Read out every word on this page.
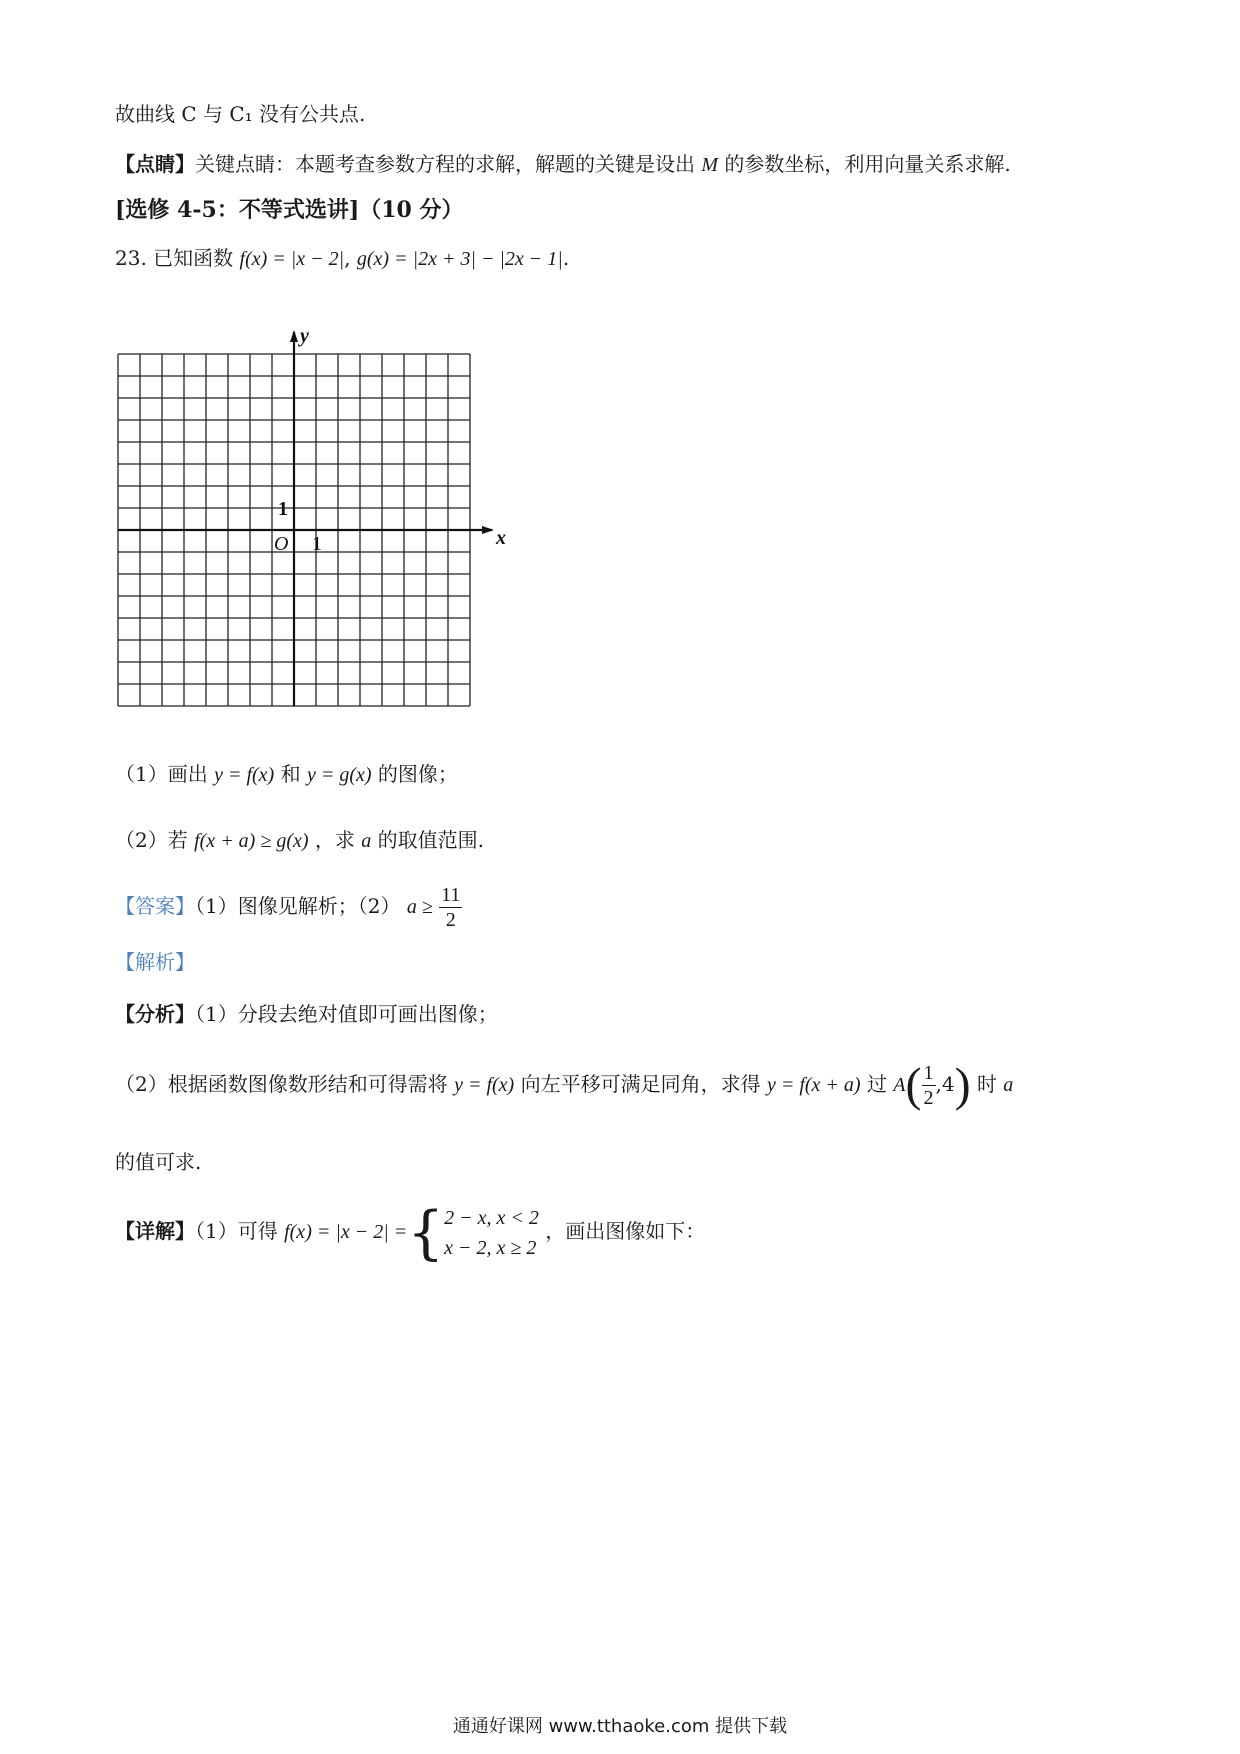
故曲线 C 与 C₁ 没有公共点.
【点睛】关键点睛：本题考查参数方程的求解，解题的关键是设出 M 的参数坐标，利用向量关系求解.
[选修 4-5：不等式选讲]（10 分）
23. 已知函数 f(x) = |x − 2|, g(x) = |2x + 3| − |2x − 1|.
x
y
O 1
1
（1）画出 y = f(x) 和 y = g(x) 的图像；
（2）若 f(x + a) ≥ g(x) ，求 a 的取值范围.
【答案】（1）图像见解析；（2） $a \ge \frac{11}{2}$
【解析】
【分析】（1）分段去绝对值即可画出图像；
（2）根据函数图像数形结和可得需将 y = f(x) 向左平移可满足同角，求得 y = f(x + a) 过 $A( \frac{1}{2} ,4)$ 时 a
的值可求.
【详解】（1）可得 f(x) = |x − 2| ={ 2 − x, x < 2
x − 2, x ≥ 2
，画出图像如下：
通通好课网 www.tthaoke.com 提供下载
